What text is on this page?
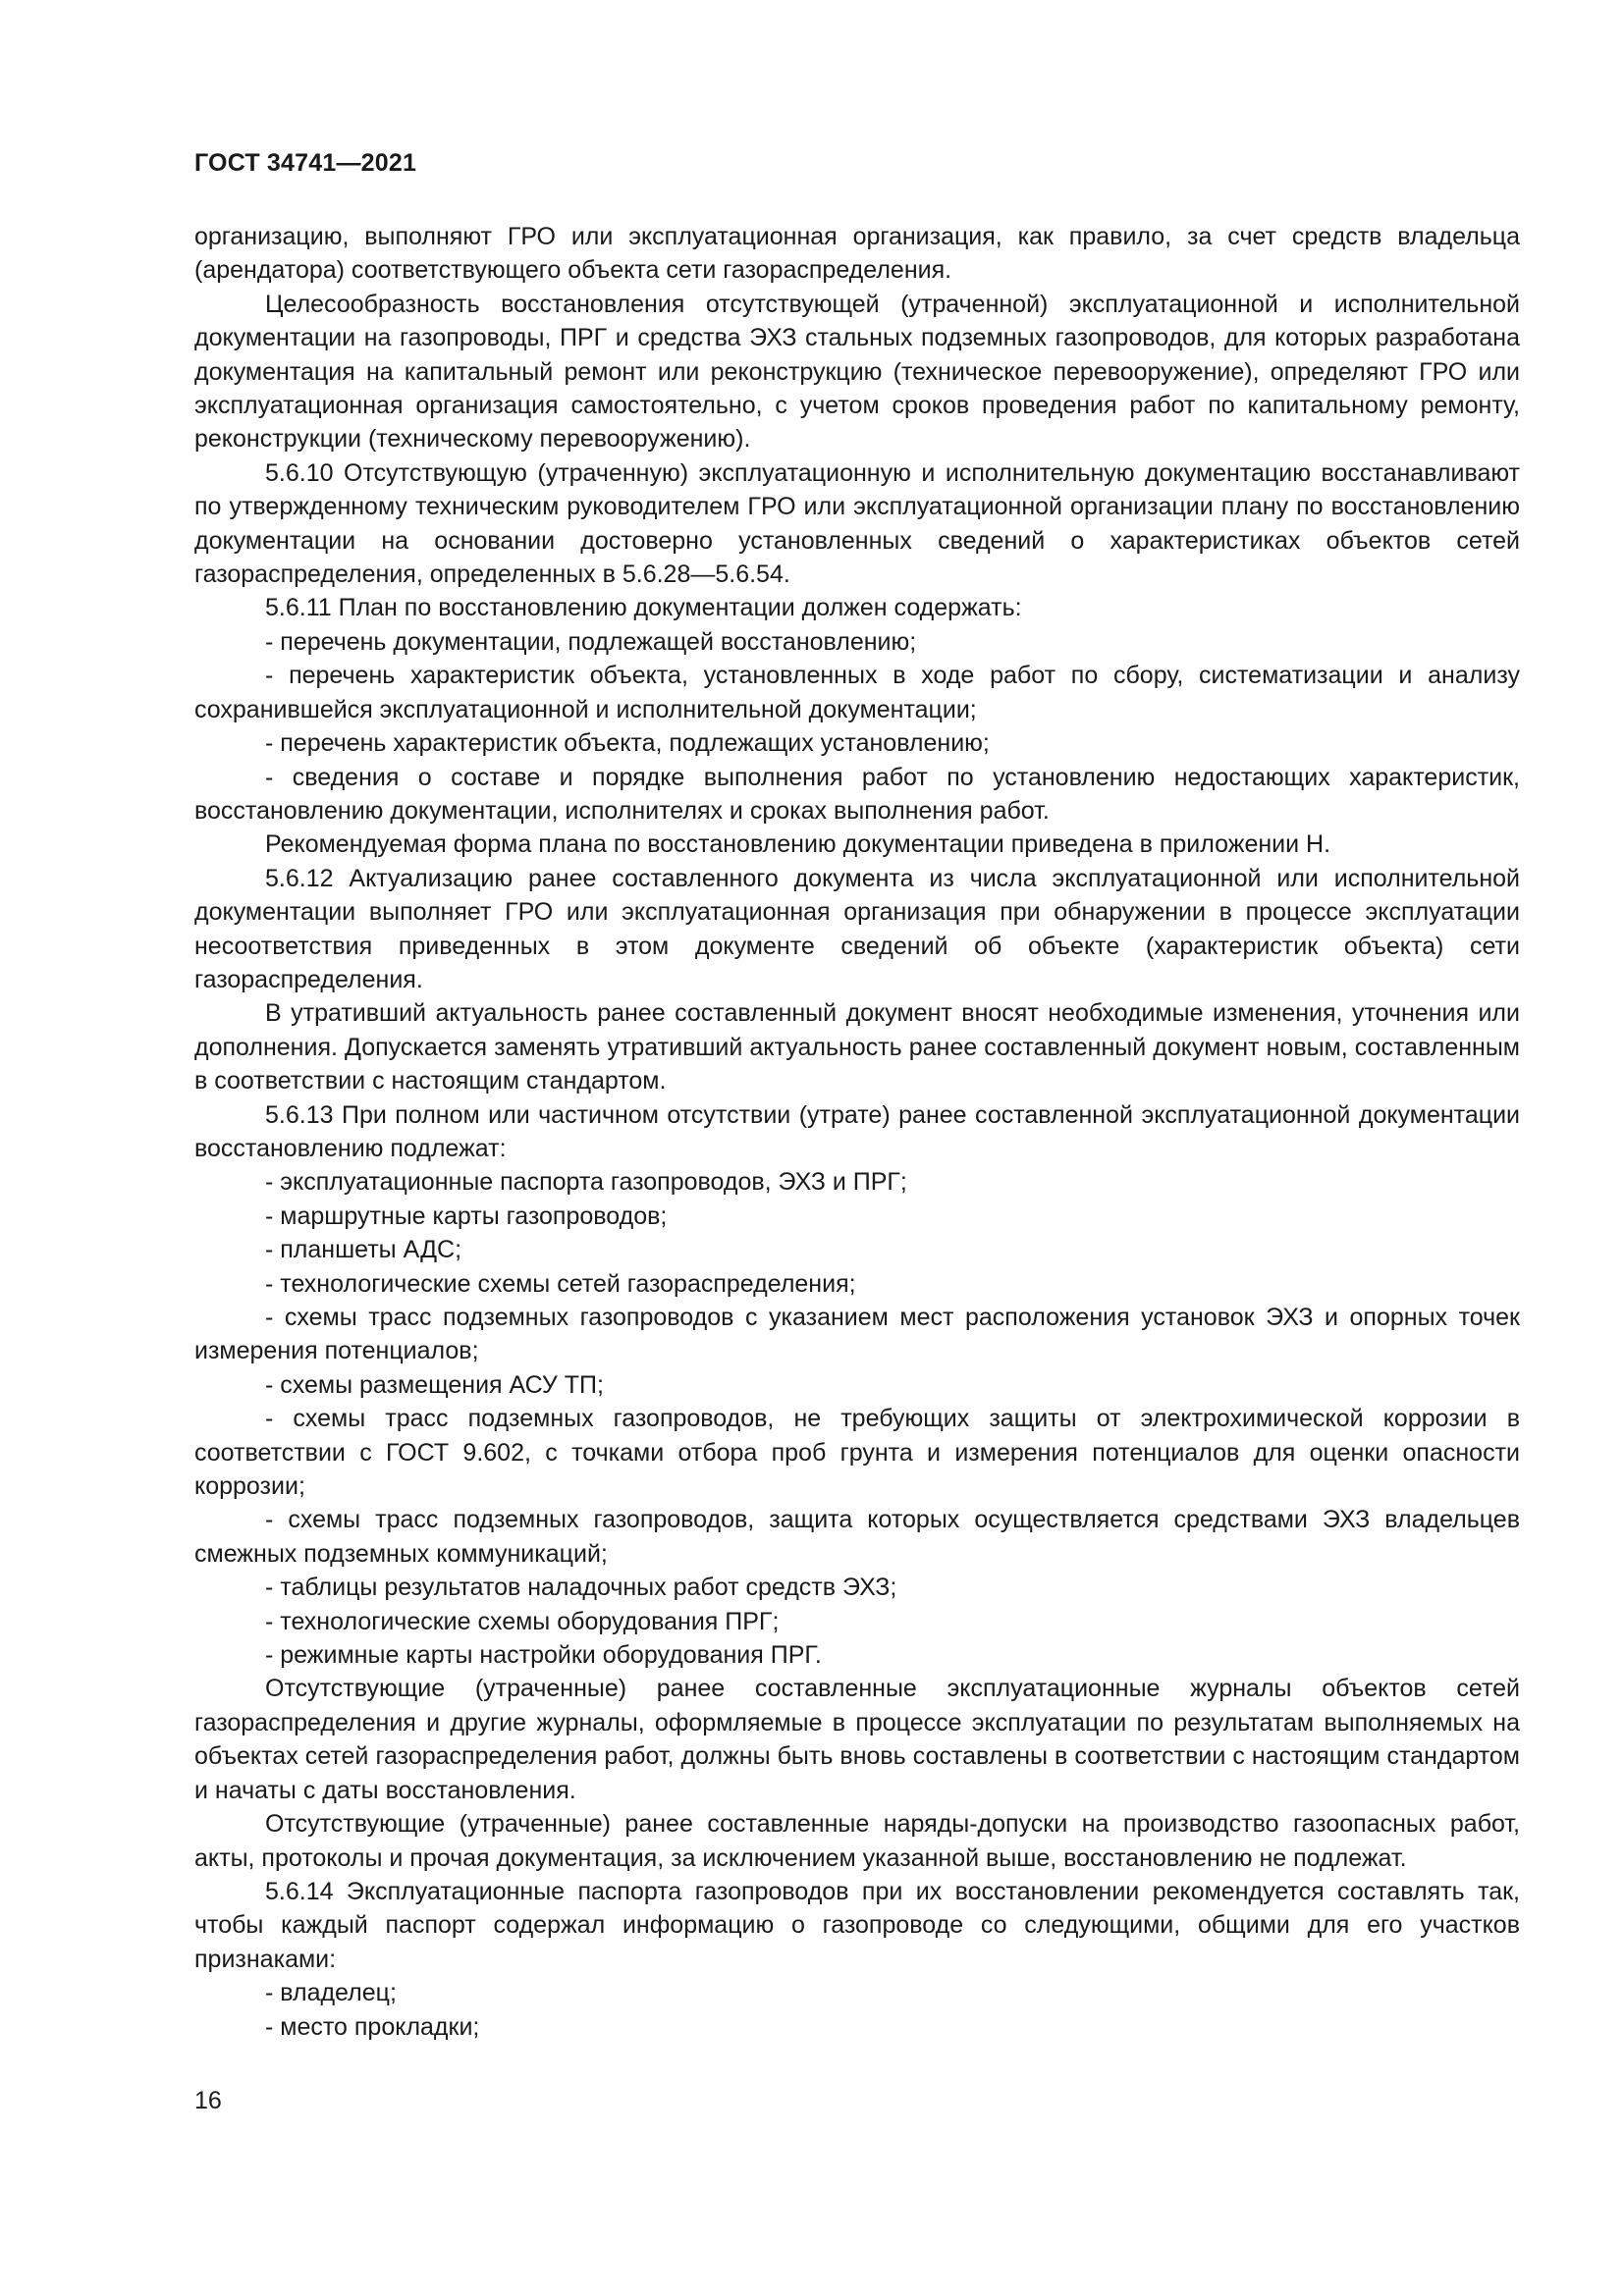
ГОСТ 34741—2021

организацию, выполняют ГРО или эксплуатационная организация, как правило, за счет средств владельца (арендатора) соответствующего объекта сети газораспределения.

Целесообразность восстановления отсутствующей (утраченной) эксплуатационной и исполнительной документации на газопроводы, ПРГ и средства ЭХЗ стальных подземных газопроводов, для которых разработана документация на капитальный ремонт или реконструкцию (техническое перевооружение), определяют ГРО или эксплуатационная организация самостоятельно, с учетом сроков проведения работ по капитальному ремонту, реконструкции (техническому перевооружению).

5.6.10 Отсутствующую (утраченную) эксплуатационную и исполнительную документацию восстанавливают по утвержденному техническим руководителем ГРО или эксплуатационной организации плану по восстановлению документации на основании достоверно установленных сведений о характеристиках объектов сетей газораспределения, определенных в 5.6.28—5.6.54.

5.6.11 План по восстановлению документации должен содержать:

- перечень документации, подлежащей восстановлению;

- перечень характеристик объекта, установленных в ходе работ по сбору, систематизации и анализу сохранившейся эксплуатационной и исполнительной документации;

- перечень характеристик объекта, подлежащих установлению;

- сведения о составе и порядке выполнения работ по установлению недостающих характеристик, восстановлению документации, исполнителях и сроках выполнения работ.

Рекомендуемая форма плана по восстановлению документации приведена в приложении Н.

5.6.12 Актуализацию ранее составленного документа из числа эксплуатационной или исполнительной документации выполняет ГРО или эксплуатационная организация при обнаружении в процессе эксплуатации несоответствия приведенных в этом документе сведений об объекте (характеристик объекта) сети газораспределения.

В утративший актуальность ранее составленный документ вносят необходимые изменения, уточнения или дополнения. Допускается заменять утративший актуальность ранее составленный документ новым, составленным в соответствии с настоящим стандартом.

5.6.13 При полном или частичном отсутствии (утрате) ранее составленной эксплуатационной документации восстановлению подлежат:

- эксплуатационные паспорта газопроводов, ЭХЗ и ПРГ;

- маршрутные карты газопроводов;

- планшеты АДС;

- технологические схемы сетей газораспределения;

- схемы трасс подземных газопроводов с указанием мест расположения установок ЭХЗ и опорных точек измерения потенциалов;

- схемы размещения АСУ ТП;

- схемы трасс подземных газопроводов, не требующих защиты от электрохимической коррозии в соответствии с ГОСТ 9.602, с точками отбора проб грунта и измерения потенциалов для оценки опасности коррозии;

- схемы трасс подземных газопроводов, защита которых осуществляется средствами ЭХЗ владельцев смежных подземных коммуникаций;

- таблицы результатов наладочных работ средств ЭХЗ;

- технологические схемы оборудования ПРГ;

- режимные карты настройки оборудования ПРГ.

Отсутствующие (утраченные) ранее составленные эксплуатационные журналы объектов сетей газораспределения и другие журналы, оформляемые в процессе эксплуатации по результатам выполняемых на объектах сетей газораспределения работ, должны быть вновь составлены в соответствии с настоящим стандартом и начаты с даты восстановления.

Отсутствующие (утраченные) ранее составленные наряды-допуски на производство газоопасных работ, акты, протоколы и прочая документация, за исключением указанной выше, восстановлению не подлежат.

5.6.14 Эксплуатационные паспорта газопроводов при их восстановлении рекомендуется составлять так, чтобы каждый паспорт содержал информацию о газопроводе со следующими, общими для его участков признаками:

- владелец;

- место прокладки;

16
